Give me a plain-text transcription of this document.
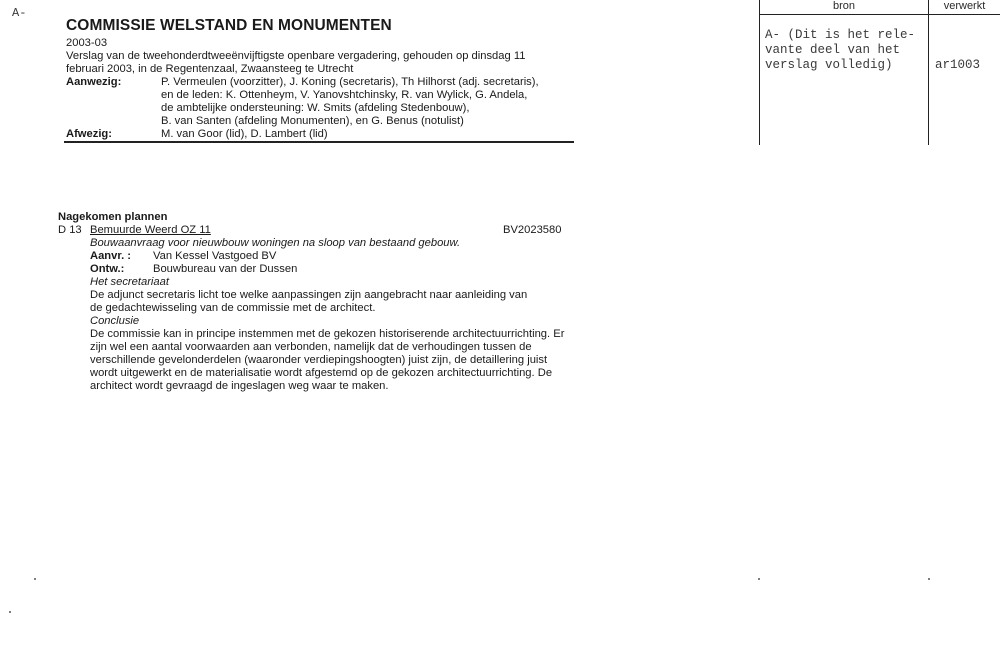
A-
COMMISSIE WELSTAND EN MONUMENTEN
2003-03
Verslag van de tweehonderdtweeënvijftigste openbare vergadering, gehouden op dinsdag 11
februari 2003, in de Regentenzaal, Zwaansteeg te Utrecht
Aanwezig:	P. Vermeulen (voorzitter), J. Koning (secretaris), Th Hilhorst (adj. secretaris),
en de leden: K. Ottenheym, V. Yanovshtchinsky, R. van Wylick, G. Andela,
de ambtelijke ondersteuning: W. Smits (afdeling Stedenbouw),
B. van Santen (afdeling Monumenten), en G. Benus (notulist)
Afwezig:	M. van Goor (lid), D. Lambert (lid)
bron	verwerkt
A- (Dit is het rele-
vante deel van het
verslag volledig)	ar1003
Nagekomen plannen
D 13 Bemuurde Weerd OZ 11	BV2023580
Bouwaanvraag voor nieuwbouw woningen na sloop van bestaand gebouw.
Aanvr. : Van Kessel Vastgoed BV
Ontw.:	Bouwbureau van der Dussen
Het secretariaat
De adjunct secretaris licht toe welke aanpassingen zijn aangebracht naar aanleiding van
de gedachtewisseling van de commissie met de architect.
Conclusie
De commissie kan in principe instemmen met de gekozen historiserende architectuurrichting. Er
zijn wel een aantal voorwaarden aan verbonden, namelijk dat de verhoudingen tussen de
verschillende gevelonderdelen (waaronder verdiepingshoogten) juist zijn, de detaillering juist
wordt uitgewerkt en de materialisatie wordt afgestemd op de gekozen architectuurrichting. De
architect wordt gevraagd de ingeslagen weg waar te maken.
